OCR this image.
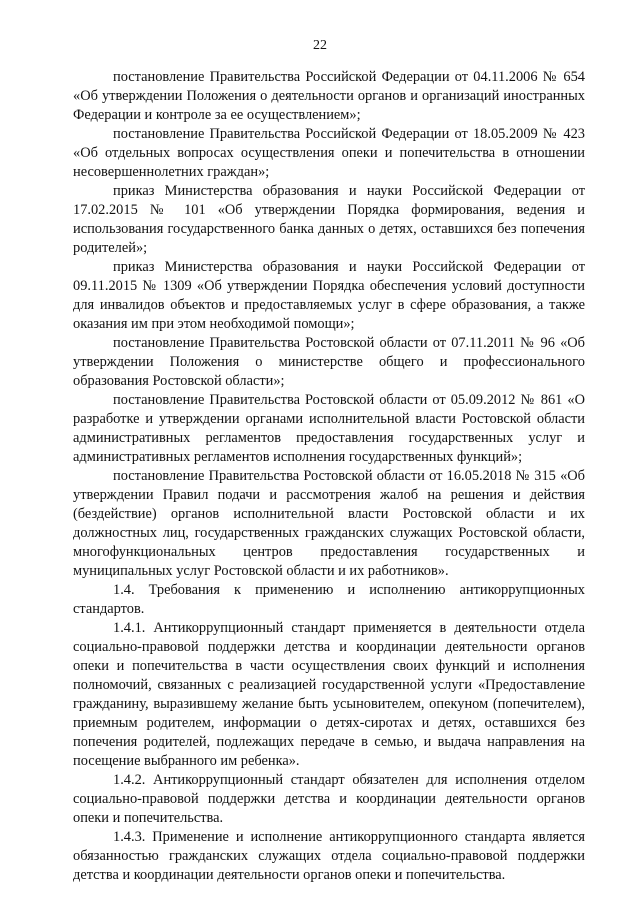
22

постановление Правительства Российской Федерации от 04.11.2006 № 654 «Об утверждении Положения о деятельности органов и организаций иностранных Федерации и контроле за ее осуществлением»;

постановление Правительства Российской Федерации от 18.05.2009 № 423 «Об отдельных вопросах осуществления опеки и попечительства в отношении несовершеннолетних граждан»;

приказ Министерства образования и науки Российской Федерации от 17.02.2015 № 101 «Об утверждении Порядка формирования, ведения и использования государственного банка данных о детях, оставшихся без попечения родителей»;

приказ Министерства образования и науки Российской Федерации от 09.11.2015 № 1309 «Об утверждении Порядка обеспечения условий доступности для инвалидов объектов и предоставляемых услуг в сфере образования, а также оказания им при этом необходимой помощи»;

постановление Правительства Ростовской области от 07.11.2011 № 96 «Об утверждении Положения о министерстве общего и профессионального образования Ростовской области»;

постановление Правительства Ростовской области от 05.09.2012 № 861 «О разработке и утверждении органами исполнительной власти Ростовской области административных регламентов предоставления государственных услуг и административных регламентов исполнения государственных функций»;

постановление Правительства Ростовской области от 16.05.2018 № 315 «Об утверждении Правил подачи и рассмотрения жалоб на решения и действия (бездействие) органов исполнительной власти Ростовской области и их должностных лиц, государственных гражданских служащих Ростовской области, многофункциональных центров предоставления государственных и муниципальных услуг Ростовской области и их работников».

1.4. Требования к применению и исполнению антикоррупционных стандартов.

1.4.1. Антикоррупционный стандарт применяется в деятельности отдела социально-правовой поддержки детства и координации деятельности органов опеки и попечительства в части осуществления своих функций и исполнения полномочий, связанных с реализацией государственной услуги «Предоставление гражданину, выразившему желание быть усыновителем, опекуном (попечителем), приемным родителем, информации о детях-сиротах и детях, оставшихся без попечения родителей, подлежащих передаче в семью, и выдача направления на посещение выбранного им ребенка».

1.4.2. Антикоррупционный стандарт обязателен для исполнения отделом социально-правовой поддержки детства и координации деятельности органов опеки и попечительства.

1.4.3. Применение и исполнение антикоррупционного стандарта является обязанностью гражданских служащих отдела социально-правовой поддержки детства и координации деятельности органов опеки и попечительства.
